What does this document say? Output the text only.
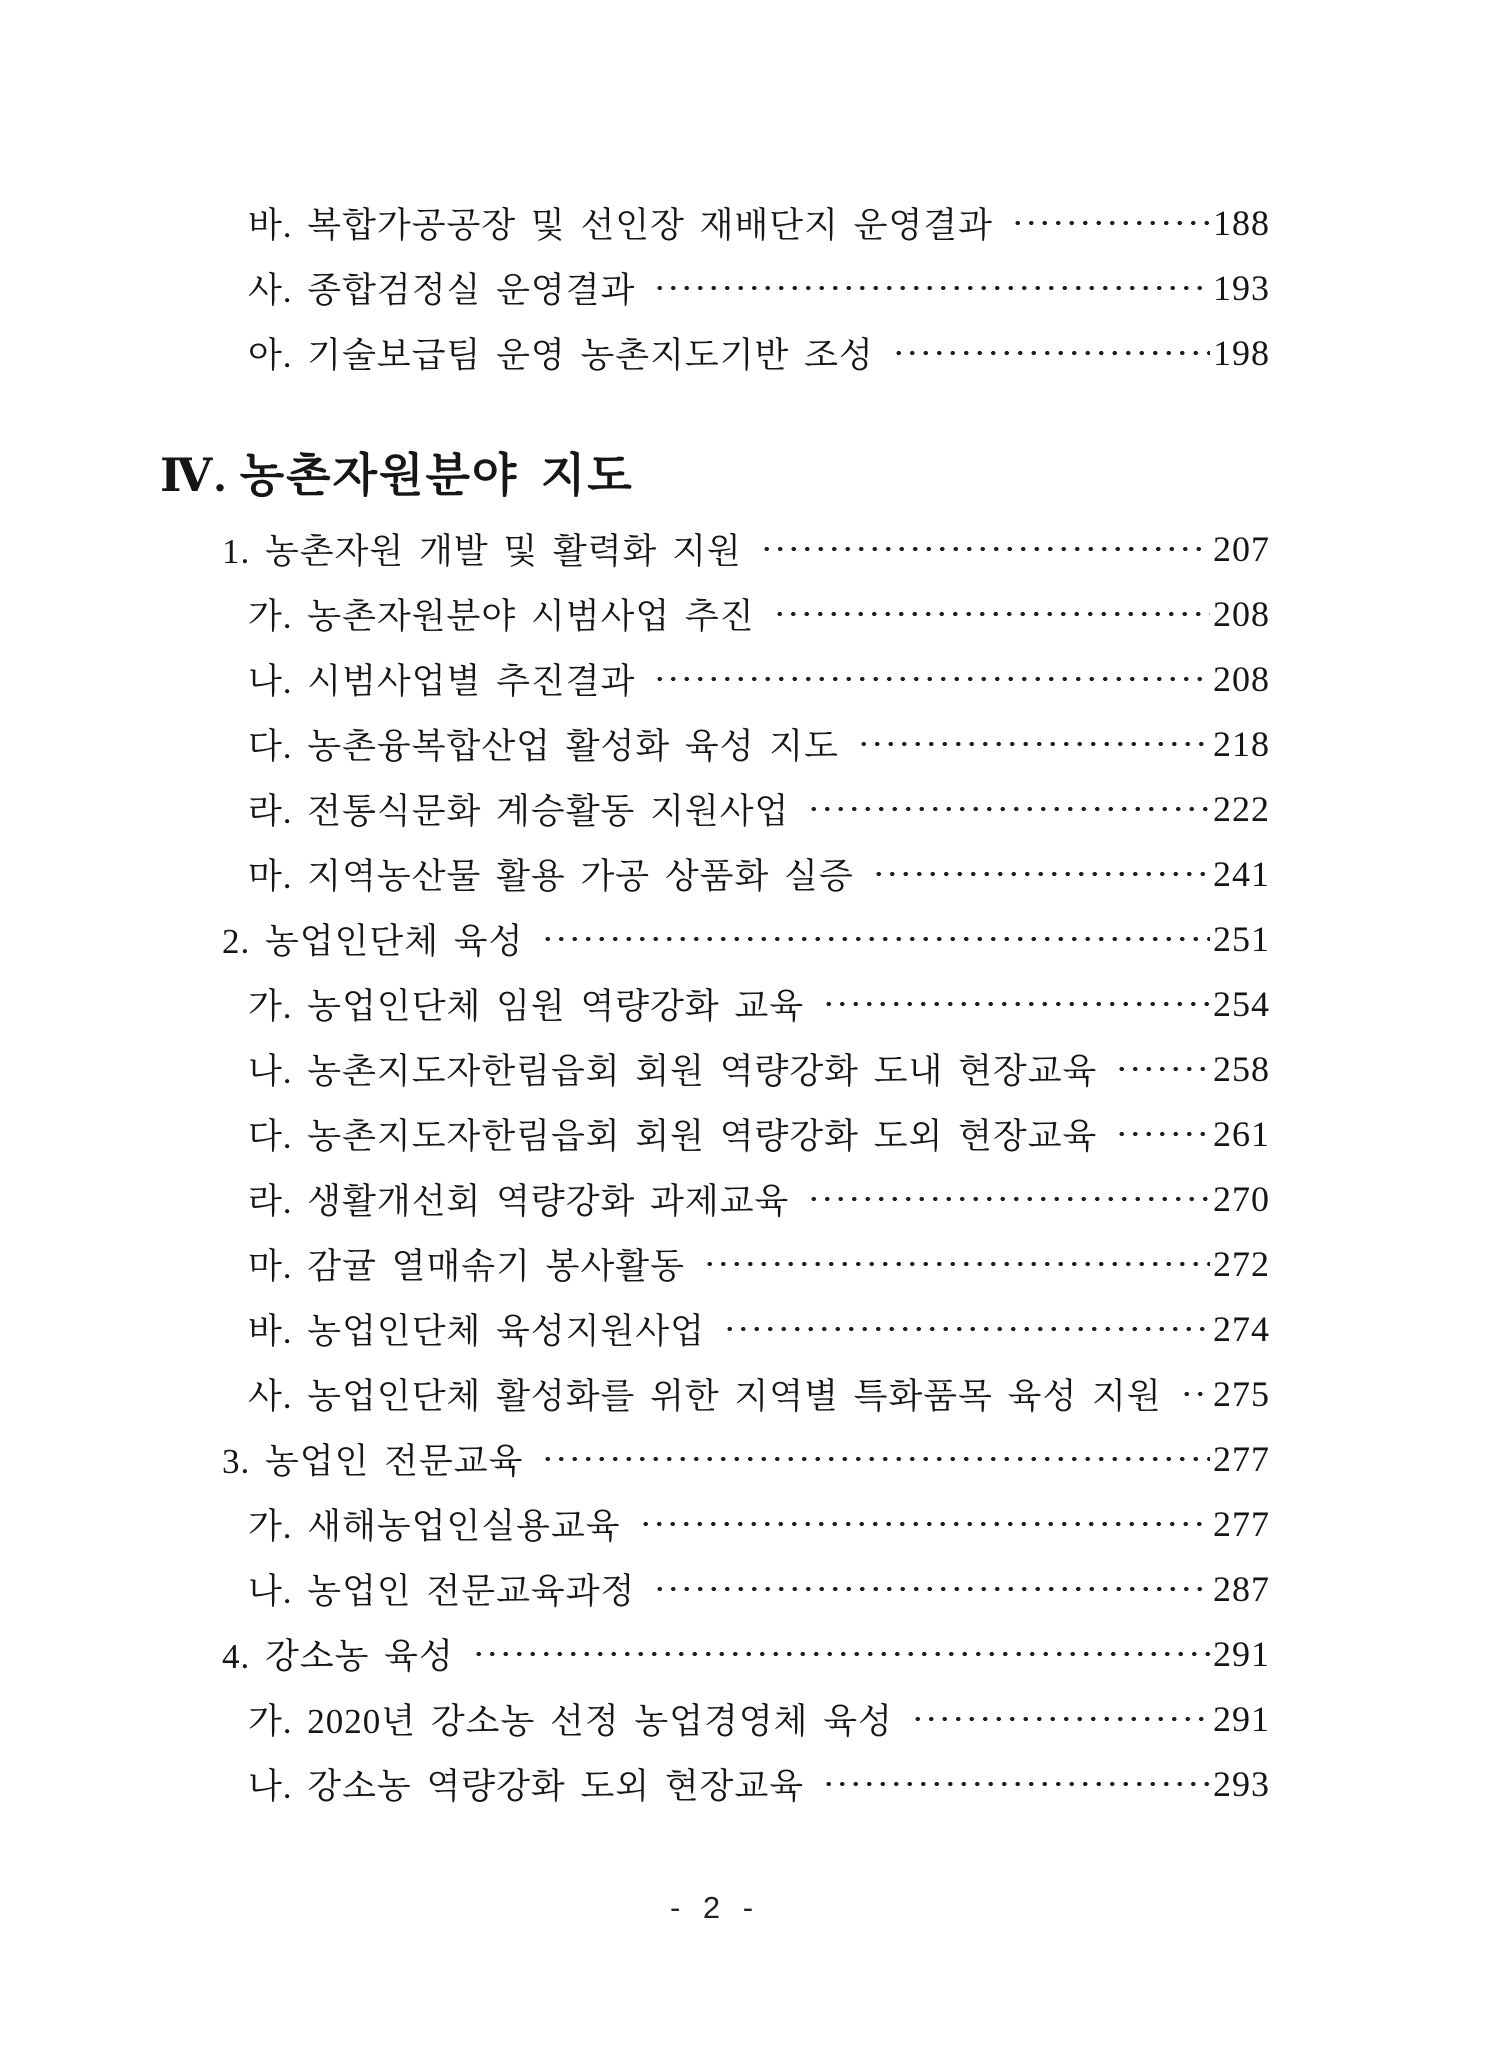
바. 복합가공공장 및 선인장 재배단지 운영결과	188
사. 종합검정실 운영결과	193
아. 기술보급팀 운영 농촌지도기반 조성	198
Ⅳ. 농촌자원분야 지도
1. 농촌자원 개발 및 활력화 지원	207
가. 농촌자원분야 시범사업 추진	208
나. 시범사업별 추진결과	208
다. 농촌융복합산업 활성화 육성 지도	218
라. 전통식문화 계승활동 지원사업	222
마. 지역농산물 활용 가공 상품화 실증	241
2. 농업인단체 육성	251
가. 농업인단체 임원 역량강화 교육	254
나. 농촌지도자한림읍회 회원 역량강화 도내 현장교육	258
다. 농촌지도자한림읍회 회원 역량강화 도외 현장교육	261
라. 생활개선회 역량강화 과제교육	270
마. 감귤 열매솎기 봉사활동	272
바. 농업인단체 육성지원사업	274
사. 농업인단체 활성화를 위한 지역별 특화품목 육성 지원 275
3. 농업인 전문교육	277
가. 새해농업인실용교육	277
나. 농업인 전문교육과정	287
4. 강소농 육성	291
가. 2020년 강소농 선정 농업경영체 육성	291
나. 강소농 역량강화 도외 현장교육	293
- 2 -
